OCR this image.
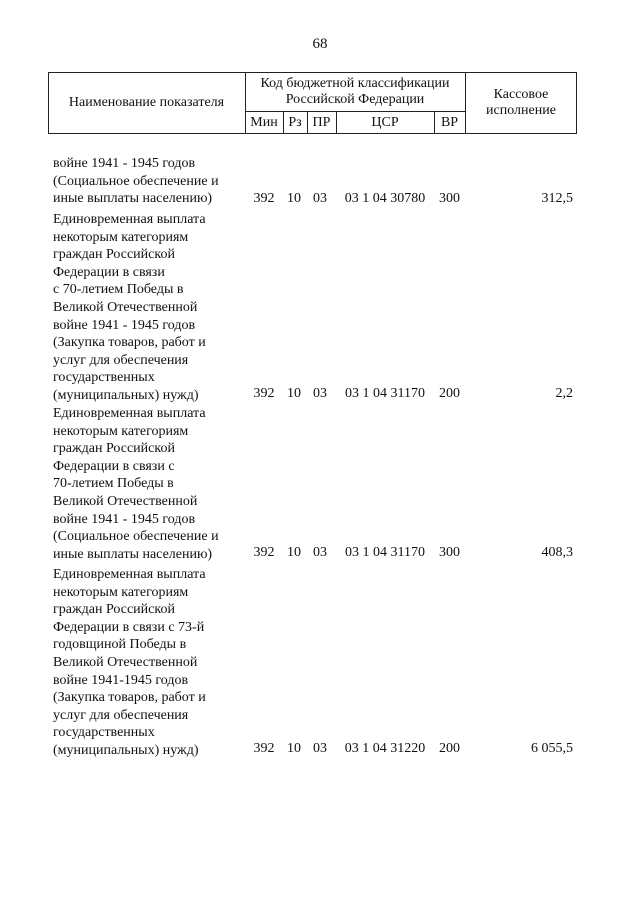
68
Наименование показателя
Код бюджетной классификации
Российской Федерации	Кассовое
исполнение
Мин Рз ПР	ЦСР	ВР
войне 1941 - 1945 годов
(Социальное обеспечение и
иные выплаты населению)	392 10 03	03 1 04 30780 300	312,5
Единовременная выплата
некоторым категориям
граждан Российской
Федерации в связи
с 70-летием Победы в
Великой Отечественной
войне 1941 - 1945 годов
(Закупка товаров, работ и
услуг для обеспечения
государственных
(муниципальных) нужд)	392 10 03	03 1 04 31170	200	2,2
Единовременная выплата
некоторым категориям
граждан Российской
Федерации в связи с
70-летием Победы в
Великой Отечественной
войне 1941 - 1945 годов
(Социальное обеспечение и
иные выплаты населению)	392 10 03	03 1 04 31170	300	408,3
Единовременная выплата
некоторым категориям
граждан Российской
Федерации в связи с 73-й
годовщиной Победы в
Великой Отечественной
войне 1941-1945 годов
(Закупка товаров, работ и
услуг для обеспечения
государственных
(муниципальных) нужд)	392 10 03	03 1 04 31220 200	6 055,5
